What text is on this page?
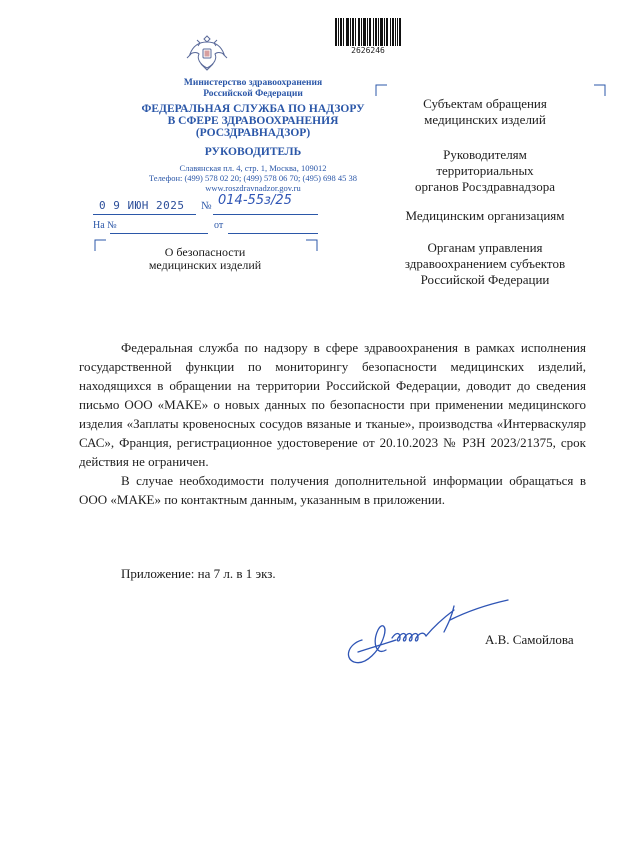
2626246
Министерство здравоохранения
Российской Федерации
ФЕДЕРАЛЬНАЯ СЛУЖБА ПО НАДЗОРУ
В СФЕРЕ ЗДРАВООХРАНЕНИЯ
(РОСЗДРАВНАДЗОР)
РУКОВОДИТЕЛЬ
Славянская пл. 4, стр. 1, Москва, 109012
Телефон: (499) 578 02 20; (499) 578 06 70; (495) 698 45 38
www.roszdravnadzor.gov.ru
0 9 ИЮН 2025 № 014-55з/25
На №	от
О безопасности
медицинских изделий
Субъектам обращения
медицинских изделий
Руководителям
территориальных
органов Росздравнадзора
Медицинским организациям
Органам управления
здравоохранением субъектов
Российской Федерации

Федеральная служба по надзору в сфере здравоохранения в рамках исполнения государственной функции по мониторингу безопасности медицинских изделий, находящихся в обращении на территории Российской Федерации, доводит до сведения письмо ООО «МАКЕ» о новых данных по безопасности при применении медицинского изделия «Заплаты кровеносных сосудов вязаные и тканые», производства «Интерваскуляр САС», Франция, регистрационное удостоверение от 20.10.2023 № РЗН 2023/21375, срок действия не ограничен.

В случае необходимости получения дополнительной информации обращаться в ООО «МАКЕ» по контактным данным, указанным в приложении.

Приложение: на 7 л. в 1 экз.
А.В. Самойлова
